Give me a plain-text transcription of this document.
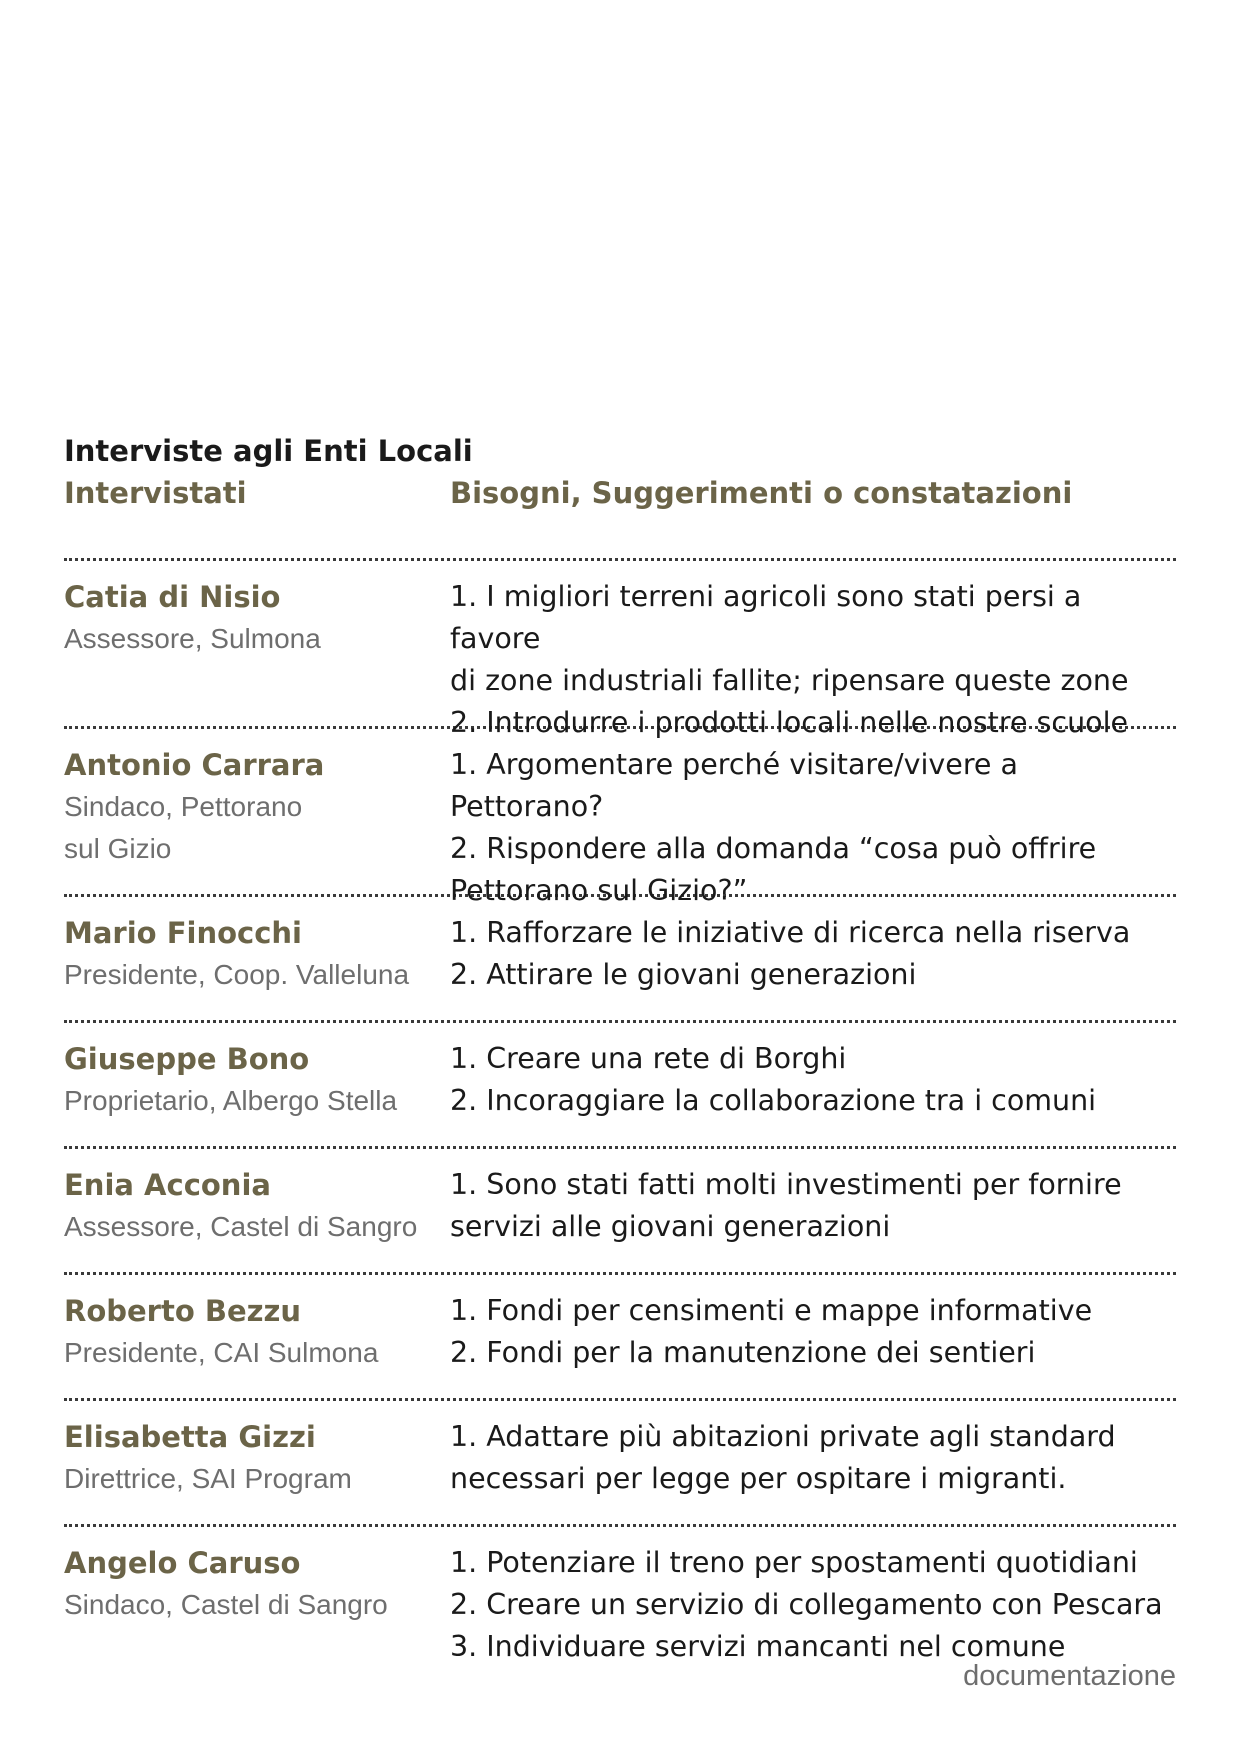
Interviste agli Enti Locali
Intervistati	Bisogni, Suggerimenti o constatazioni
Catia di Nisio
Assessore, Sulmona
1. I migliori terreni agricoli sono stati persi a favore
di zone industriali fallite; ripensare queste zone
2. Introdurre i prodotti locali nelle nostre scuole
Antonio Carrara
Sindaco, Pettorano
sul Gizio
1. Argomentare perché visitare/vivere a Pettorano?
2. Rispondere alla domanda “cosa può offrire
Pettorano sul Gizio?”
Mario Finocchi
Presidente, Coop. Valleluna
1. Rafforzare le iniziative di ricerca nella riserva
2. Attirare le giovani generazioni
Giuseppe Bono
Proprietario, Albergo Stella
1. Creare una rete di Borghi
2. Incoraggiare la collaborazione tra i comuni
Enia Acconia
Assessore, Castel di Sangro
1. Sono stati fatti molti investimenti per fornire
servizi alle giovani generazioni
Roberto Bezzu
Presidente, CAI Sulmona
1. Fondi per censimenti e mappe informative
2. Fondi per la manutenzione dei sentieri
Elisabetta Gizzi
Direttrice, SAI Program
1. Adattare più abitazioni private agli standard
necessari per legge per ospitare i migranti.
Angelo Caruso
Sindaco, Castel di Sangro
1. Potenziare il treno per spostamenti quotidiani
2. Creare un servizio di collegamento con Pescara
3. Individuare servizi mancanti nel comune
documentazione
